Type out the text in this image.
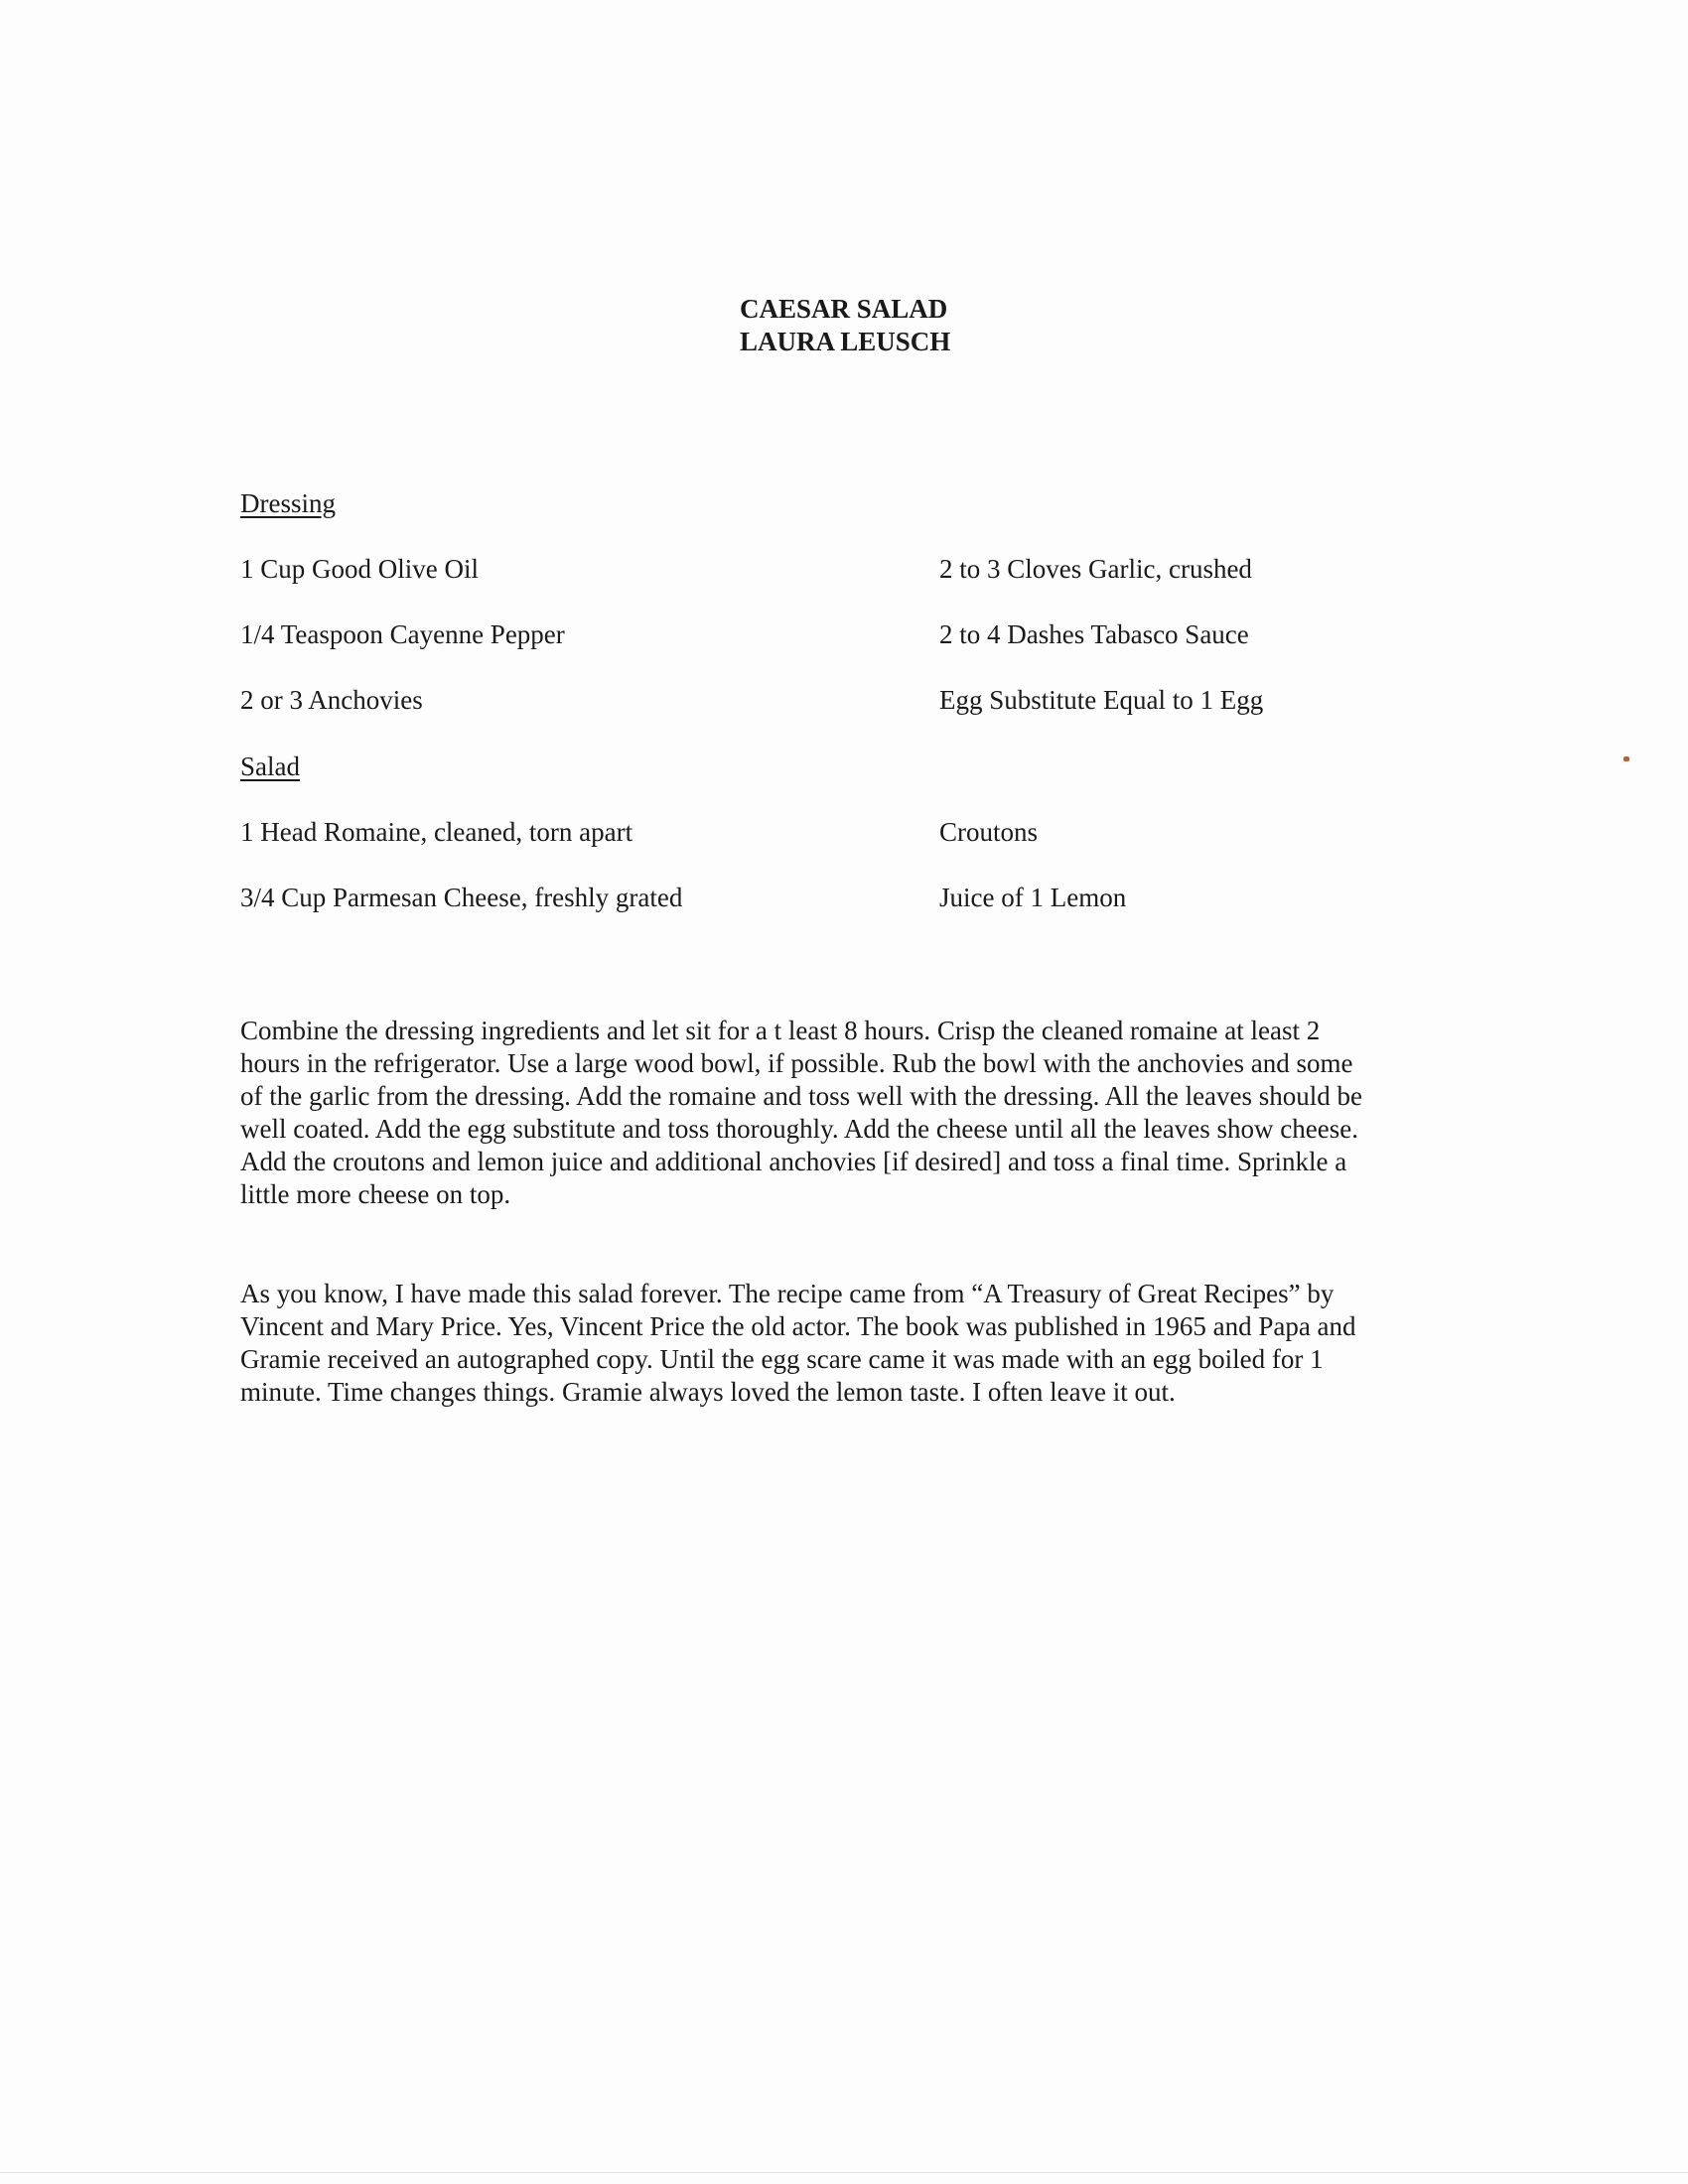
CAESAR SALAD
LAURA LEUSCH
Dressing
1 Cup Good Olive Oil	2 to 3 Cloves Garlic, crushed
1/4 Teaspoon Cayenne Pepper	2 to 4 Dashes Tabasco Sauce
2 or 3 Anchovies	Egg Substitute Equal to 1 Egg
Salad
1 Head Romaine, cleaned, torn apart	Croutons
3/4 Cup Parmesan Cheese, freshly grated	Juice of 1 Lemon
Combine the dressing ingredients and let sit for a t least 8 hours. Crisp the cleaned romaine at least 2
hours in the refrigerator. Use a large wood bowl, if possible. Rub the bowl with the anchovies and some
of the garlic from the dressing. Add the romaine and toss well with the dressing. All the leaves should be
well coated. Add the egg substitute and toss thoroughly. Add the cheese until all the leaves show cheese.
Add the croutons and lemon juice and additional anchovies [if desired] and toss a final time. Sprinkle a
little more cheese on top.
As you know, I have made this salad forever. The recipe came from “A Treasury of Great Recipes” by
Vincent and Mary Price. Yes, Vincent Price the old actor. The book was published in 1965 and Papa and
Gramie received an autographed copy. Until the egg scare came it was made with an egg boiled for 1
minute. Time changes things. Gramie always loved the lemon taste. I often leave it out.
